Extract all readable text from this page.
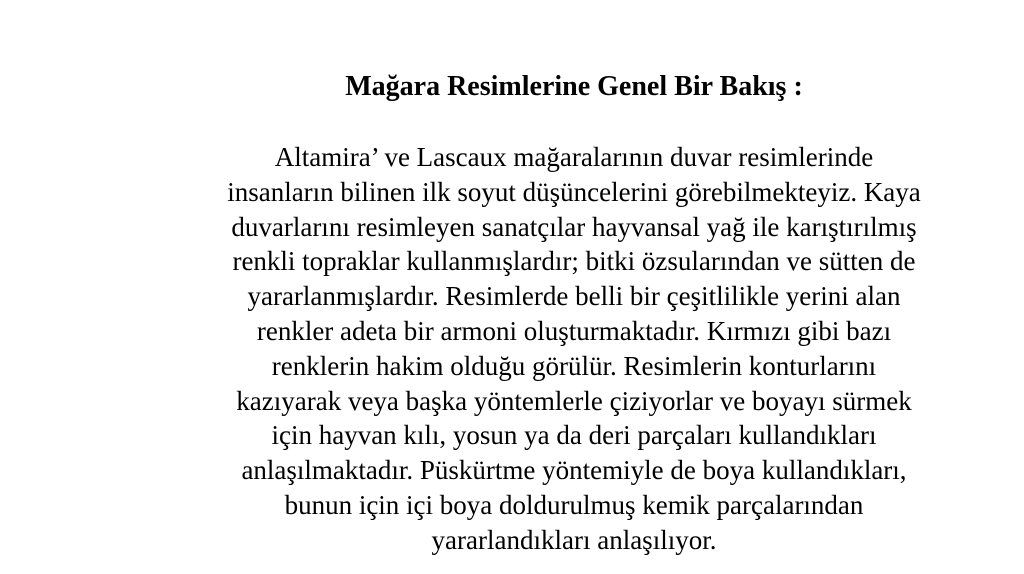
Mağara Resimlerine Genel Bir Bakış :
Altamira’ ve Lascaux mağaralarının duvar resimlerinde
insanların bilinen ilk soyut düşüncelerini görebilmekteyiz. Kaya
duvarlarını resimleyen sanatçılar hayvansal yağ ile karıştırılmış
renkli topraklar kullanmışlardır; bitki özsularından ve sütten de
yararlanmışlardır. Resimlerde belli bir çeşitlilikle yerini alan
renkler adeta bir armoni oluşturmaktadır. Kırmızı gibi bazı
renklerin hakim olduğu görülür. Resimlerin konturlarını
kazıyarak veya başka yöntemlerle çiziyorlar ve boyayı sürmek
için hayvan kılı, yosun ya da deri parçaları kullandıkları
anlaşılmaktadır. Püskürtme yöntemiyle de boya kullandıkları,
bunun için içi boya doldurulmuş kemik parçalarından
yararlandıkları anlaşılıyor.
